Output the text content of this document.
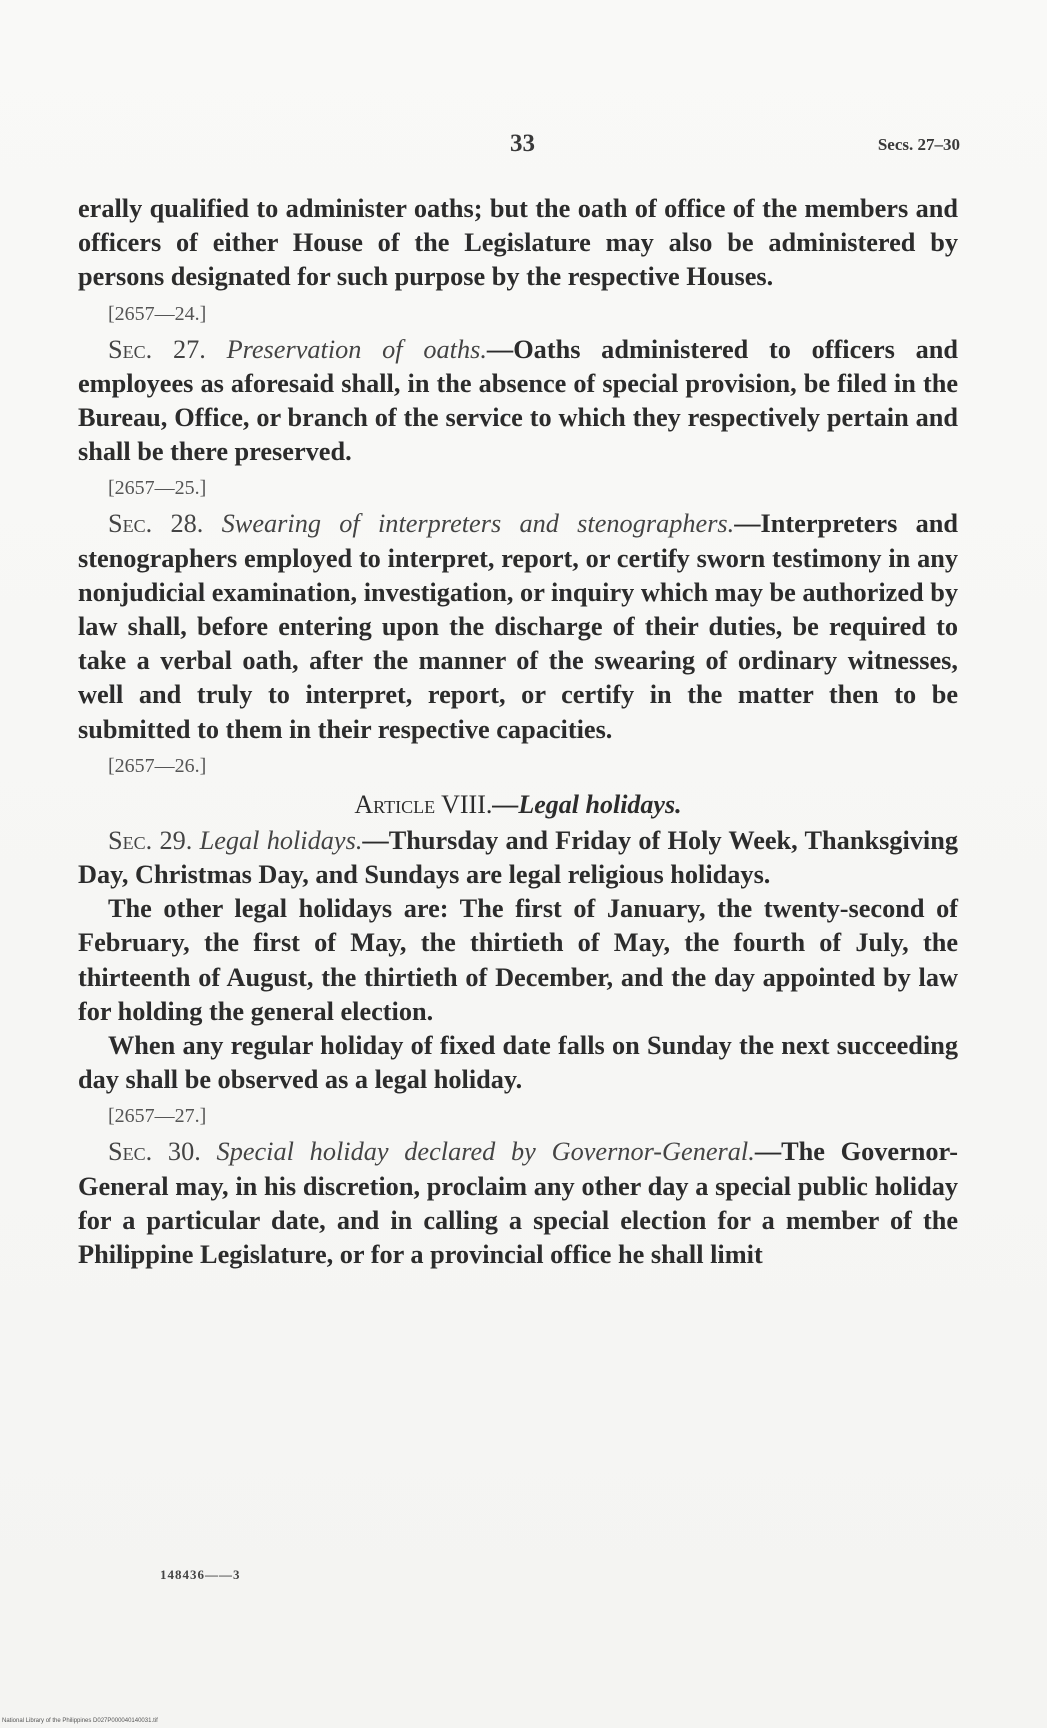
33	Secs. 27–30

erally qualified to administer oaths; but the oath of office of the members and officers of either House of the Legislature may also be administered by persons designated for such purpose by the respective Houses.

[2657—24.]

Sec. 27. Preservation of oaths.—Oaths administered to officers and employees as aforesaid shall, in the absence of special provision, be filed in the Bureau, Office, or branch of the service to which they respectively pertain and shall be there preserved.

[2657—25.]

Sec. 28. Swearing of interpreters and stenographers.—Interpreters and stenographers employed to interpret, report, or certify sworn testimony in any nonjudicial examination, investigation, or inquiry which may be authorized by law shall, before entering upon the discharge of their duties, be required to take a verbal oath, after the manner of the swearing of ordinary witnesses, well and truly to interpret, report, or certify in the matter then to be submitted to them in their respective capacities.

[2657—26.]

Article VIII.—Legal holidays.

Sec. 29. Legal holidays.—Thursday and Friday of Holy Week, Thanksgiving Day, Christmas Day, and Sundays are legal religious holidays.

The other legal holidays are: The first of January, the twenty-second of February, the first of May, the thirtieth of May, the fourth of July, the thirteenth of August, the thirtieth of December, and the day appointed by law for holding the general election.

When any regular holiday of fixed date falls on Sunday the next succeeding day shall be observed as a legal holiday.

[2657—27.]

Sec. 30. Special holiday declared by Governor-General.—The Governor-General may, in his discretion, proclaim any other day a special public holiday for a particular date, and in calling a special election for a member of the Philippine Legislature, or for a provincial office he shall limit

148436——3
National Library of the Philippines D027P000040140031.tif
